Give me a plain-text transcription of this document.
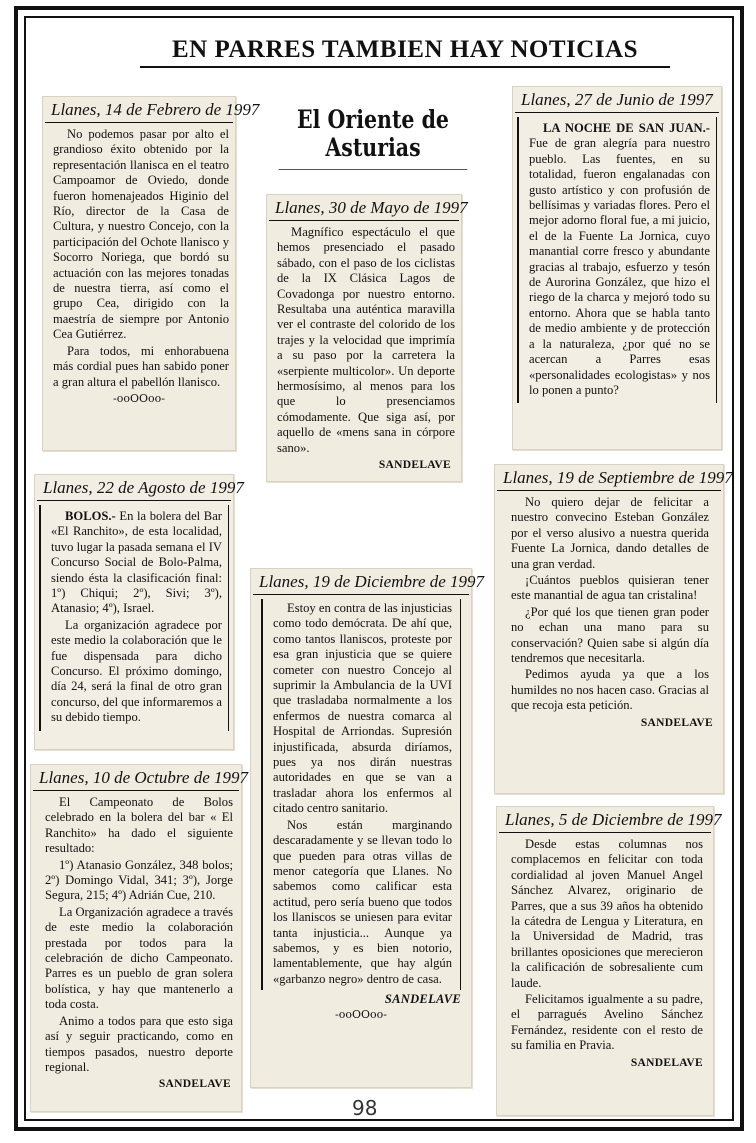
EN PARRES TAMBIEN HAY NOTICIAS
El Oriente de Asturias
Llanes, 14 de Febrero de 1997

No podemos pasar por alto el grandioso éxito obtenido por la representación llanisca en el teatro Campoamor de Oviedo, donde fueron homenajeados Higinio del Río, director de la Casa de Cultura, y nuestro Concejo, con la participación del Ochote llanisco y Socorro Noriega, que bordó su actuación con las mejores tonadas de nuestra tierra, así como el grupo Cea, dirigido con la maestría de siempre por Antonio Cea Gutiérrez.

Para todos, mi enhorabuena más cordial pues han sabido poner a gran altura el pabellón llanisco.

-ooOOoo-
Llanes, 30 de Mayo de 1997

Magnífico espectáculo el que hemos presenciado el pasado sábado, con el paso de los ciclistas de la IX Clásica Lagos de Covadonga por nuestro entorno. Resultaba una auténtica maravilla ver el contraste del colorido de los trajes y la velocidad que imprimía a su paso por la carretera la «serpiente multicolor». Un deporte hermosísimo, al menos para los que lo presenciamos cómodamente. Que siga así, por aquello de «mens sana in córpore sano».

SANDELAVE
Llanes, 27 de Junio de 1997

LA NOCHE DE SAN JUAN.- Fue de gran alegría para nuestro pueblo. Las fuentes, en su totalidad, fueron engalanadas con gusto artístico y con profusión de bellísimas y variadas flores. Pero el mejor adorno floral fue, a mi juicio, el de la Fuente La Jornica, cuyo manantial corre fresco y abundante gracias al trabajo, esfuerzo y tesón de Aurorina González, que hizo el riego de la charca y mejoró todo su entorno. Ahora que se habla tanto de medio ambiente y de protección a la naturaleza, ¿por qué no se acercan a Parres esas «personalidades ecologistas» y nos lo ponen a punto?

Llanes, 22 de Agosto de 1997

BOLOS.- En la bolera del Bar «El Ranchito», de esta localidad, tuvo lugar la pasada semana el IV Concurso Social de Bolo-Palma, siendo ésta la clasificación final: 1º) Chiqui; 2º), Sivi; 3º), Atanasio; 4º), Israel.

La organización agradece por este medio la colaboración que le fue dispensada para dicho Concurso. El próximo domingo, día 24, será la final de otro gran concurso, del que informaremos a su debido tiempo.

Llanes, 19 de Diciembre de 1997

Estoy en contra de las injusticias como todo demócrata. De ahí que, como tantos llaniscos, proteste por esa gran injusticia que se quiere cometer con nuestro Concejo al suprimir la Ambulancia de la UVI que trasladaba normalmente a los enfermos de nuestra comarca al Hospital de Arriondas. Supresión injustificada, absurda diríamos, pues ya nos dirán nuestras autoridades en que se van a trasladar ahora los enfermos al citado centro sanitario.

Nos están marginando descaradamente y se llevan todo lo que pueden para otras villas de menor categoría que Llanes. No sabemos como calificar esta actitud, pero sería bueno que todos los llaniscos se uniesen para evitar tanta injusticia... Aunque ya sabemos, y es bien notorio, lamentablemente, que hay algún «garbanzo negro» dentro de casa.

SANDELAVE
-ooOOoo-
Llanes, 19 de Septiembre de 1997

No quiero dejar de felicitar a nuestro convecino Esteban González por el verso alusivo a nuestra querida Fuente La Jornica, dando detalles de una gran verdad.

¡Cuántos pueblos quisieran tener este manantial de agua tan cristalina!

¿Por qué los que tienen gran poder no echan una mano para su conservación? Quien sabe si algún día tendremos que necesitarla.

Pedimos ayuda ya que a los humildes no nos hacen caso. Gracias al que recoja esta petición.

SANDELAVE
Llanes, 10 de Octubre de 1997

El Campeonato de Bolos celebrado en la bolera del bar « El Ranchito» ha dado el siguiente resultado:

1º) Atanasio González, 348 bolos; 2º) Domingo Vidal, 341; 3º), Jorge Segura, 215; 4º) Adrián Cue, 210.

La Organización agradece a través de este medio la colaboración prestada por todos para la celebración de dicho Campeonato. Parres es un pueblo de gran solera bolística, y hay que mantenerlo a toda costa.

Animo a todos para que esto siga así y seguir practicando, como en tiempos pasados, nuestro deporte regional.

SANDELAVE
Llanes, 5 de Diciembre de 1997

Desde estas columnas nos complacemos en felicitar con toda cordialidad al joven Manuel Angel Sánchez Alvarez, originario de Parres, que a sus 39 años ha obtenido la cátedra de Lengua y Literatura, en la Universidad de Madrid, tras brillantes oposiciones que merecieron la calificación de sobresaliente cum laude.

Felicitamos igualmente a su padre, el parragués Avelino Sánchez Fernández, residente con el resto de su familia en Pravia.

SANDELAVE
98
